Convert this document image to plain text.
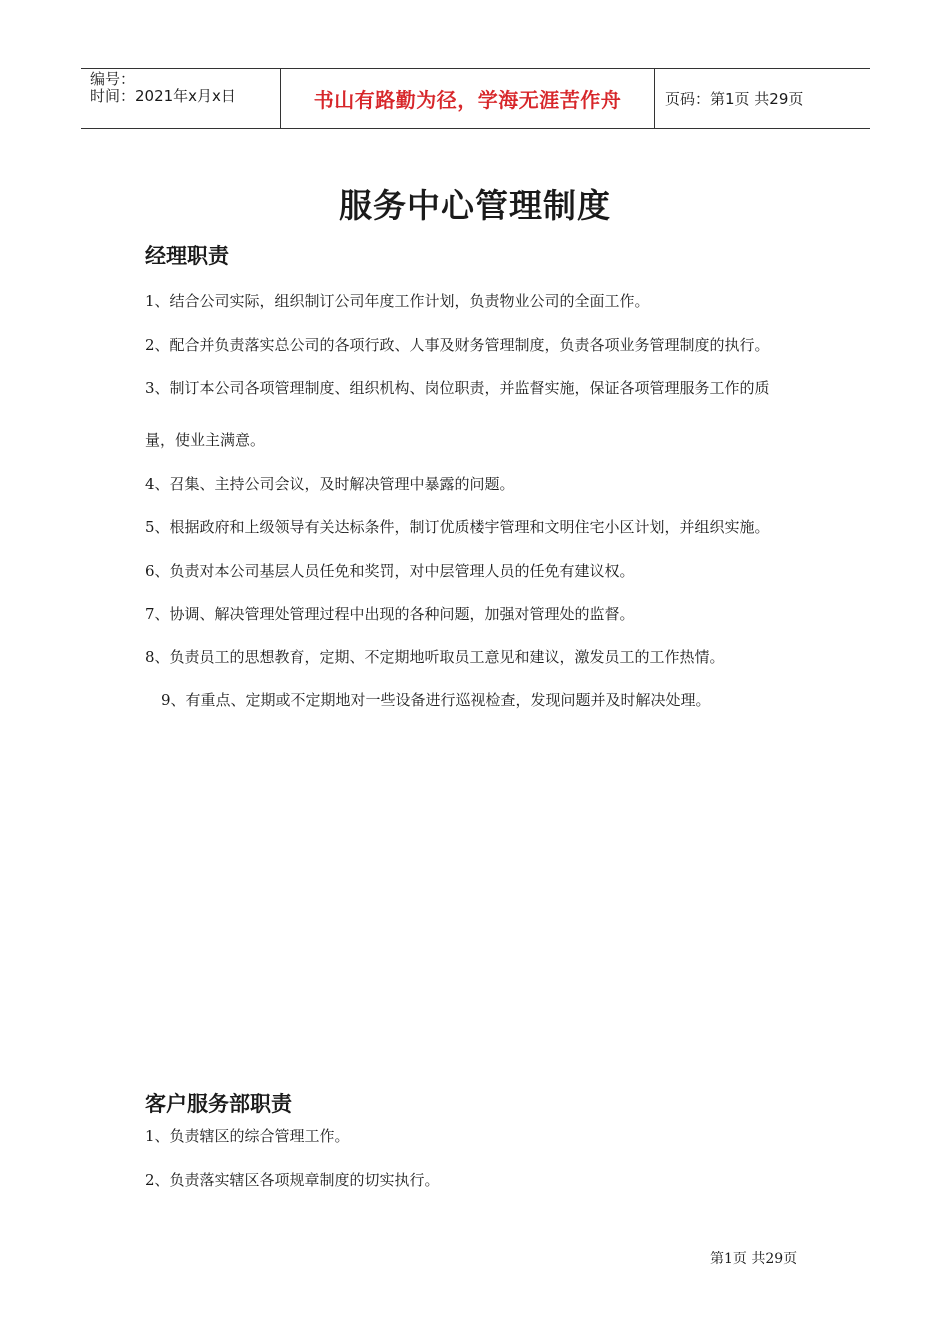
编号：
时间：2021年x月x日	书山有路勤为径，学海无涯苦作舟	页码：第1页 共29页
服务中心管理制度
经理职责
1、结合公司实际，组织制订公司年度工作计划，负责物业公司的全面工作。
2、配合并负责落实总公司的各项行政、人事及财务管理制度，负责各项业务管理制度的执行。
3、制订本公司各项管理制度、组织机构、岗位职责，并监督实施，保证各项管理服务工作的质
量，使业主满意。
4、召集、主持公司会议，及时解决管理中暴露的问题。
5、根据政府和上级领导有关达标条件，制订优质楼宇管理和文明住宅小区计划，并组织实施。
6、负责对本公司基层人员任免和奖罚，对中层管理人员的任免有建议权。
7、协调、解决管理处管理过程中出现的各种问题，加强对管理处的监督。
8、负责员工的思想教育，定期、不定期地听取员工意见和建议，激发员工的工作热情。
9、有重点、定期或不定期地对一些设备进行巡视检查，发现问题并及时解决处理。
客户服务部职责
1、负责辖区的综合管理工作。
2、负责落实辖区各项规章制度的切实执行。
第1页 共29页
